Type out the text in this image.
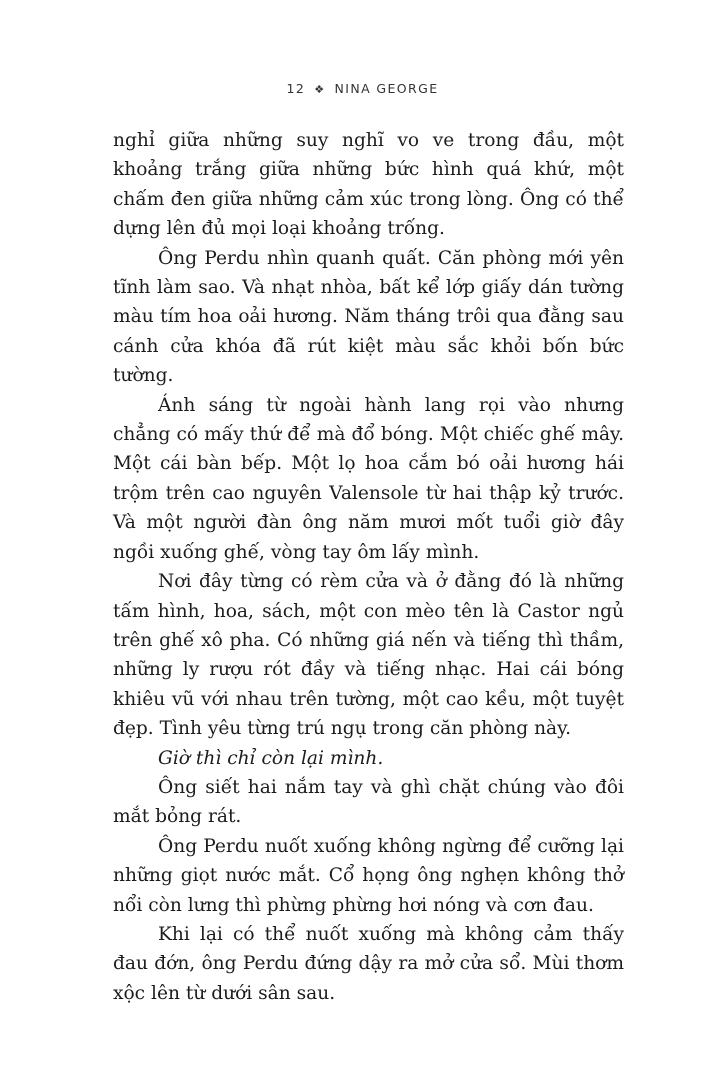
12 ❖ NINA GEORGE

nghỉ giữa những suy nghĩ vo ve trong đầu, một khoảng trắng giữa những bức hình quá khứ, một chấm đen giữa những cảm xúc trong lòng. Ông có thể dựng lên đủ mọi loại khoảng trống.

Ông Perdu nhìn quanh quất. Căn phòng mới yên tĩnh làm sao. Và nhạt nhòa, bất kể lớp giấy dán tường màu tím hoa oải hương. Năm tháng trôi qua đằng sau cánh cửa khóa đã rút kiệt màu sắc khỏi bốn bức tường.

Ánh sáng từ ngoài hành lang rọi vào nhưng chẳng có mấy thứ để mà đổ bóng. Một chiếc ghế mây. Một cái bàn bếp. Một lọ hoa cắm bó oải hương hái trộm trên cao nguyên Valensole từ hai thập kỷ trước. Và một người đàn ông năm mươi mốt tuổi giờ đây ngồi xuống ghế, vòng tay ôm lấy mình.

Nơi đây từng có rèm cửa và ở đằng đó là những tấm hình, hoa, sách, một con mèo tên là Castor ngủ trên ghế xô pha. Có những giá nến và tiếng thì thầm, những ly rượu rót đầy và tiếng nhạc. Hai cái bóng khiêu vũ với nhau trên tường, một cao kều, một tuyệt đẹp. Tình yêu từng trú ngụ trong căn phòng này.

Giờ thì chỉ còn lại mình.

Ông siết hai nắm tay và ghì chặt chúng vào đôi mắt bỏng rát.

Ông Perdu nuốt xuống không ngừng để cưỡng lại những giọt nước mắt. Cổ họng ông nghẹn không thở nổi còn lưng thì phừng phừng hơi nóng và cơn đau.

Khi lại có thể nuốt xuống mà không cảm thấy đau đớn, ông Perdu đứng dậy ra mở cửa sổ. Mùi thơm xộc lên từ dưới sân sau.
